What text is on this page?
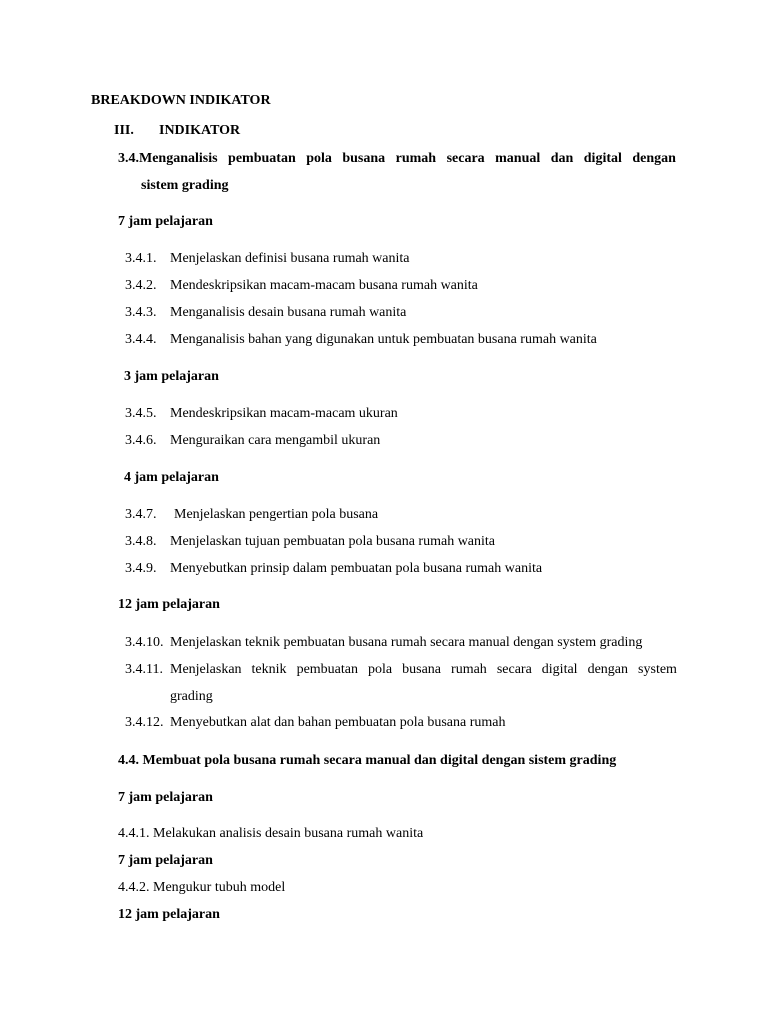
BREAKDOWN INDIKATOR
III. INDIKATOR
3.4.Menganalisis pembuatan pola busana rumah secara manual dan digital dengan
sistem grading
7 jam pelajaran
3.4.1. Menjelaskan definisi busana rumah wanita
3.4.2. Mendeskripsikan macam-macam busana rumah wanita
3.4.3. Menganalisis desain busana rumah wanita
3.4.4. Menganalisis bahan yang digunakan untuk pembuatan busana rumah wanita
3 jam pelajaran
3.4.5. Mendeskripsikan macam-macam ukuran
3.4.6. Menguraikan cara mengambil ukuran
4 jam pelajaran
3.4.7. Menjelaskan pengertian pola busana
3.4.8. Menjelaskan tujuan pembuatan pola busana rumah wanita
3.4.9. Menyebutkan prinsip dalam pembuatan pola busana rumah wanita
12 jam pelajaran
3.4.10. Menjelaskan teknik pembuatan busana rumah secara manual dengan system grading
3.4.11. Menjelaskan teknik pembuatan pola busana rumah secara digital dengan system
grading
3.4.12. Menyebutkan alat dan bahan pembuatan pola busana rumah
4.4. Membuat pola busana rumah secara manual dan digital dengan sistem grading
7 jam pelajaran
4.4.1. Melakukan analisis desain busana rumah wanita
7 jam pelajaran
4.4.2. Mengukur tubuh model
12 jam pelajaran
